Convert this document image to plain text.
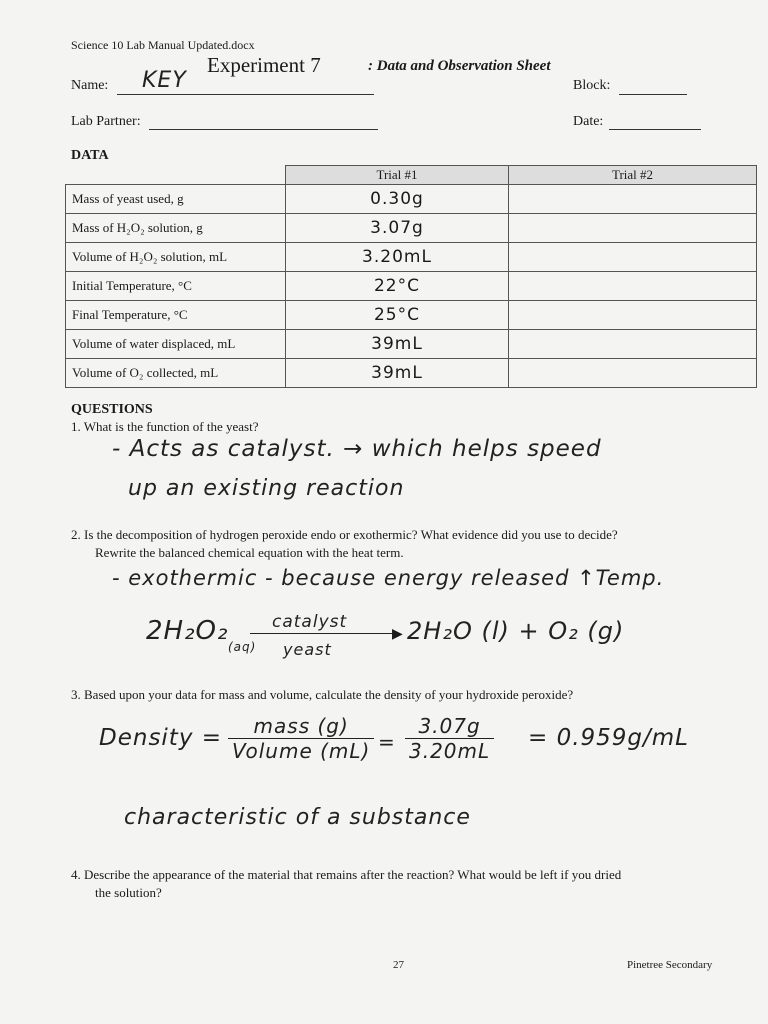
Science 10 Lab Manual Updated.docx
Experiment 7	: Data and Observation Sheet
Name: KEY	Block:
Lab Partner:	Date:
DATA
	Trial #1	Trial #2
Mass of yeast used, g	0.30g	
Mass of H₂O₂ solution, g	3.07g	
Volume of H₂O₂ solution, mL	3.20mL	
Initial Temperature, °C	22°C	
Final Temperature, °C	25°C	
Volume of water displaced, mL	39mL	
Volume of O₂ collected, mL	39mL	
QUESTIONS
1. What is the function of the yeast?
- Acts as catalyst. → which helps speed
up an existing reaction
2. Is the decomposition of hydrogen peroxide endo or exothermic? What evidence did you use to decide?
Rewrite the balanced chemical equation with the heat term.
- exothermic - because energy released ↑Temp.
2H₂O₂
(aq)
catalyst
▶
yeast
2H₂O (l) + O₂ (g)
3. Based upon your data for mass and volume, calculate the density of your hydroxide peroxide?
Density =	mass (g)
Volume $(mL) = \frac{3.07g}{3.20mL} = 0.959g/mL$
characteristic of a substance
4. Describe the appearance of the material that remains after the reaction? What would be left if you dried
the solution?
27	Pinetree Secondary
